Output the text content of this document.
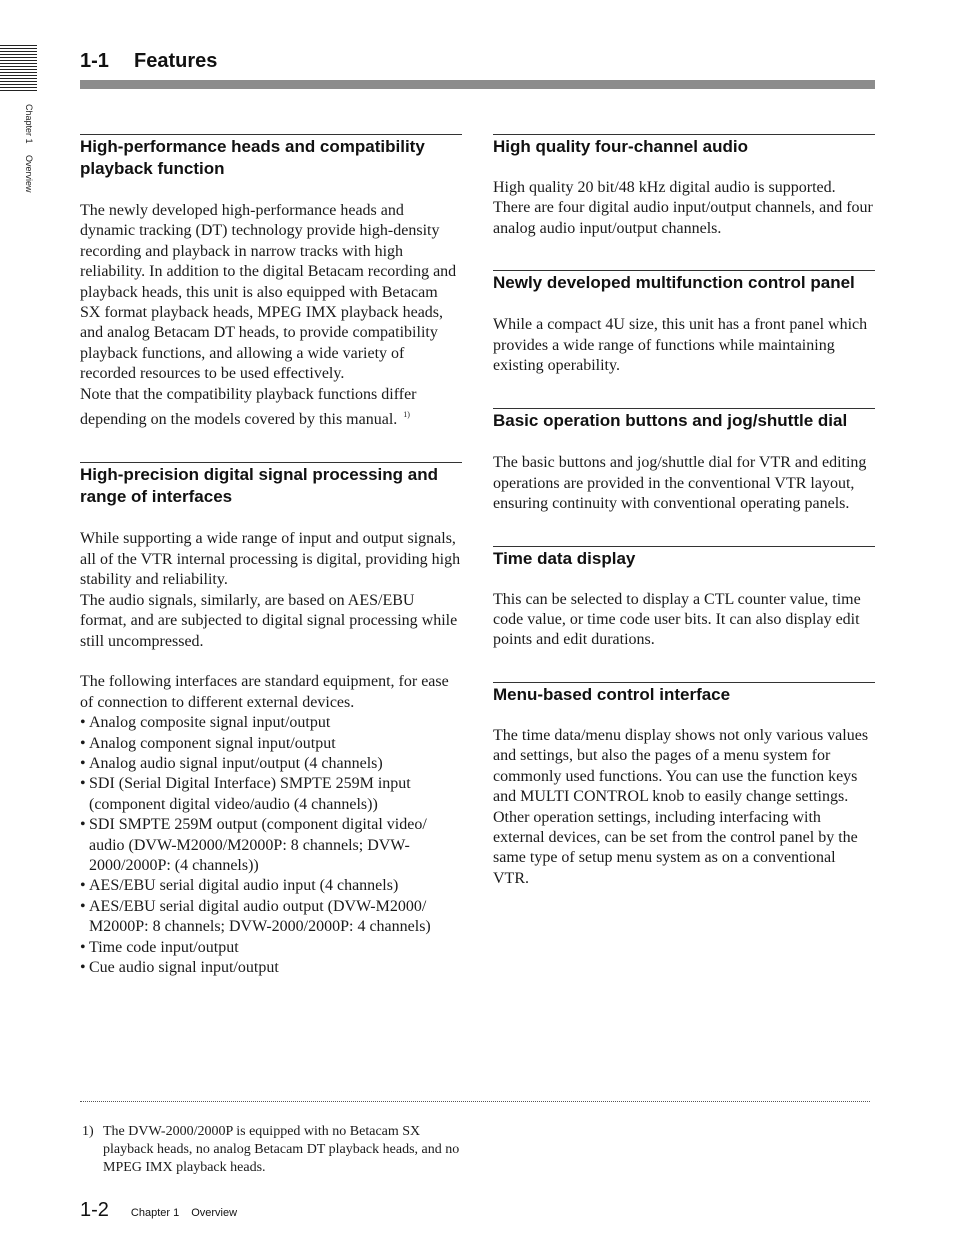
Chapter 1 Overview
1-1 Features
High-performance heads and compatibility playback function
The newly developed high-performance heads and dynamic tracking (DT) technology provide high-density recording and playback in narrow tracks with high reliability. In addition to the digital Betacam recording and playback heads, this unit is also equipped with Betacam SX format playback heads, MPEG IMX playback heads, and analog Betacam DT heads, to provide compatibility playback functions, and allowing a wide variety of recorded resources to be used effectively.
Note that the compatibility playback functions differ depending on the models covered by this manual. $^{1)}$
High-precision digital signal processing and range of interfaces
While supporting a wide range of input and output signals, all of the VTR internal processing is digital, providing high stability and reliability.
The audio signals, similarly, are based on AES/EBU format, and are subjected to digital signal processing while still uncompressed.
The following interfaces are standard equipment, for ease of connection to different external devices.
• Analog composite signal input/output
• Analog component signal input/output
• Analog audio signal input/output (4 channels)
• SDI (Serial Digital Interface) SMPTE 259M input (component digital video/audio (4 channels))
• SDI SMPTE 259M output (component digital video/ audio (DVW-M2000/M2000P: 8 channels; DVW-2000/2000P: (4 channels))
• AES/EBU serial digital audio input (4 channels)
• AES/EBU serial digital audio output (DVW-M2000/ M2000P: 8 channels; DVW-2000/2000P: 4 channels)
• Time code input/output
• Cue audio signal input/output
High quality four-channel audio
High quality 20 bit/48 kHz digital audio is supported. There are four digital audio input/output channels, and four analog audio input/output channels.
Newly developed multifunction control panel
While a compact 4U size, this unit has a front panel which provides a wide range of functions while maintaining existing operability.
Basic operation buttons and jog/shuttle dial
The basic buttons and jog/shuttle dial for VTR and editing operations are provided in the conventional VTR layout, ensuring continuity with conventional operating panels.
Time data display
This can be selected to display a CTL counter value, time code value, or time code user bits. It can also display edit points and edit durations.
Menu-based control interface
The time data/menu display shows not only various values and settings, but also the pages of a menu system for commonly used functions. You can use the function keys and MULTI CONTROL knob to easily change settings.
Other operation settings, including interfacing with external devices, can be set from the control panel by the same type of setup menu system as on a conventional VTR.
1) The DVW-2000/2000P is equipped with no Betacam SX playback heads, no analog Betacam DT playback heads, and no MPEG IMX playback heads.
1-2 Chapter 1 Overview
